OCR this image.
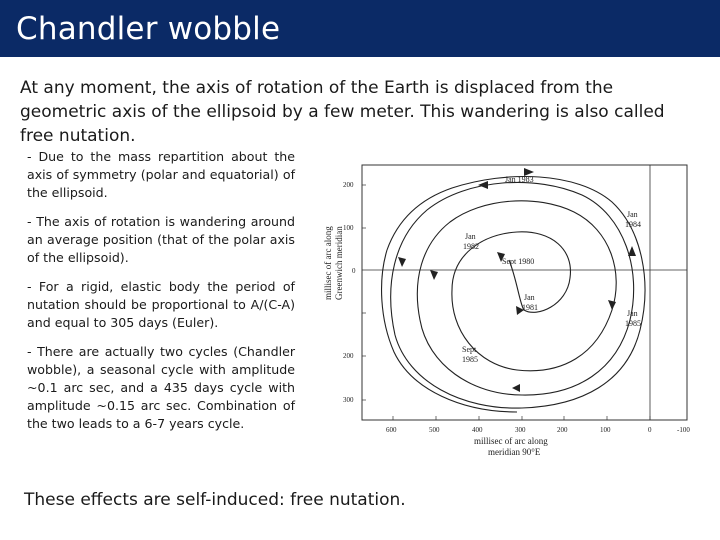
Chandler wobble
At any moment, the axis of rotation of the Earth is displaced from the geometric axis of the ellipsoid by a few meter. This wandering is also called free nutation.
- Due to the mass repartition about the axis of symmetry (polar and equatorial) of the ellipsoid.
- The axis of rotation is wandering around an average position (that of the polar axis of the ellipsoid).
- For a rigid, elastic body the period of nutation should be proportional to A/(C-A) and equal to 305 days (Euler).
- There are actually two cycles (Chandler wobble), a seasonal cycle with amplitude ~0.1 arc sec, and a 435 days cycle with amplitude ~0.15 arc sec. Combination of the two leads to a 6-7 years cycle.
These effects are self-induced: free nutation.
200
100
0
200
300
600	500	400	300	200	100	0	-100
millisec of arc along Greenwich meridian
millisec of arc along
meridian 90°E
Jan 1983
Jan
1984
Jan
1982
Sept 1980
Jan
1981
Jan
1985
Sept
1985
